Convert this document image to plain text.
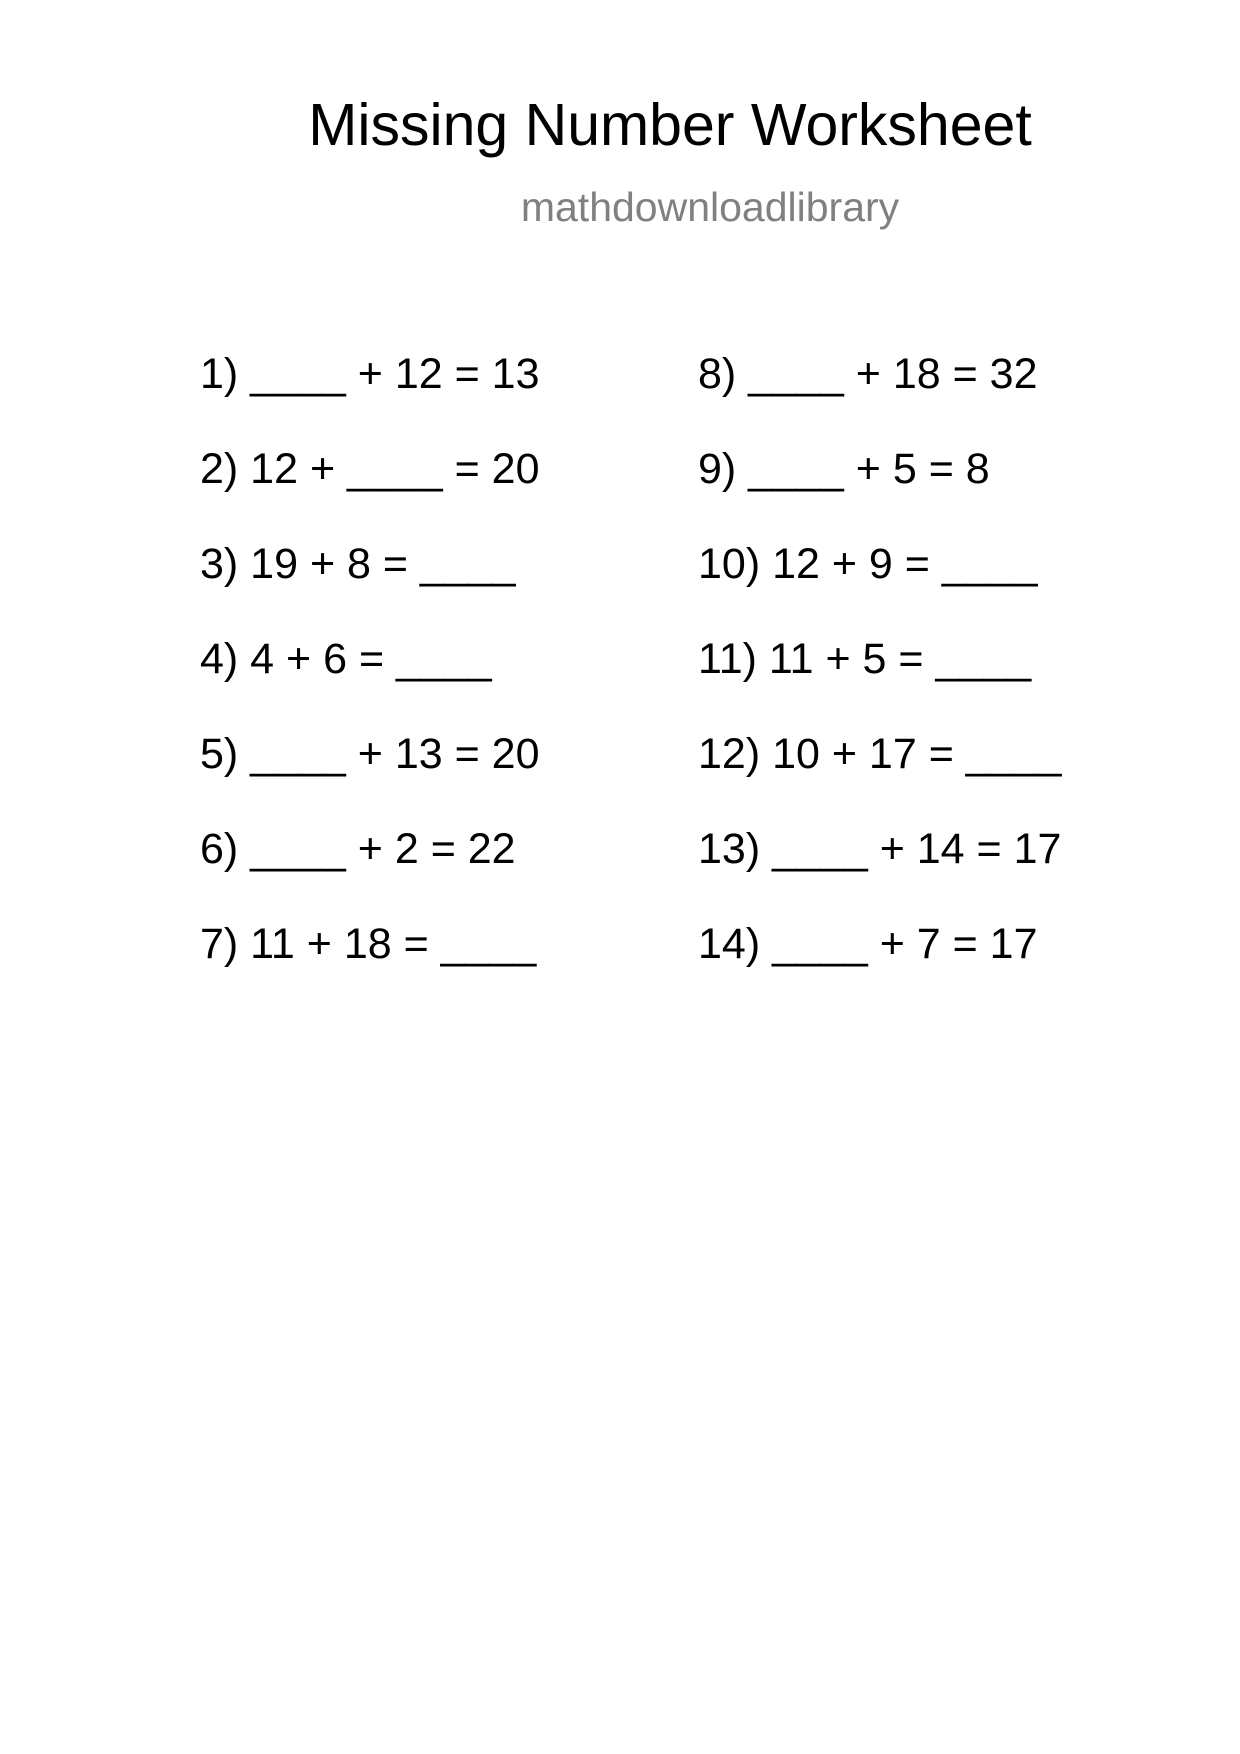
Missing Number Worksheet
mathdownloadlibrary
1) ____ + 12 = 13
2) 12 + ____ = 20
3) 19 + 8 = ____
4) 4 + 6 = ____
5) ____ + 13 = 20
6) ____ + 2 = 22
7) 11 + 18 = ____
8) ____ + 18 = 32
9) ____ + 5 = 8
10) 12 + 9 = ____
11) 11 + 5 = ____
12) 10 + 17 = ____
13) ____ + 14 = 17
14) ____ + 7 = 17
